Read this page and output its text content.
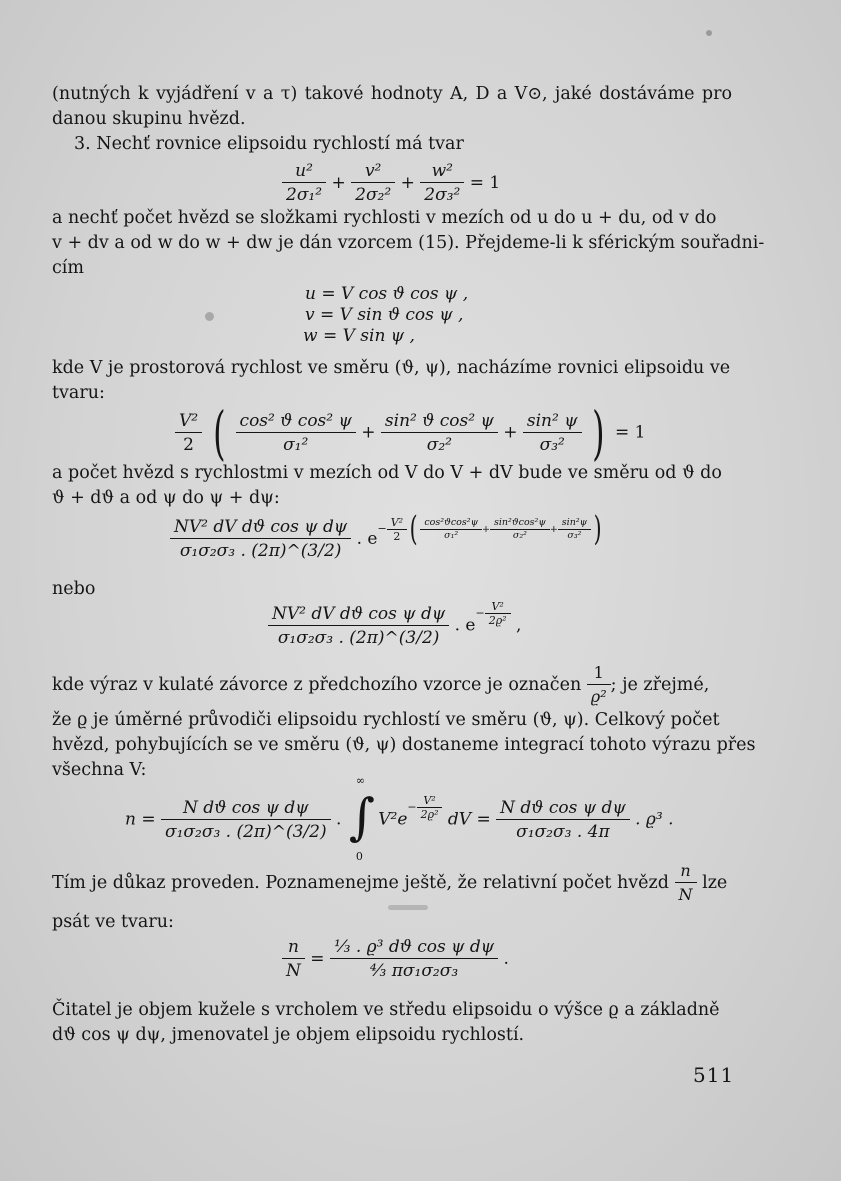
(nutných k vyjádření v a τ) takové hodnoty A, D a V⊙, jaké dostáváme pro danou skupinu hvězd.
3. Nechť rovnice elipsoidu rychlostí má tvar
$\frac{\text{u²}}{\text{2σ₁²}} + \frac{\text{v²}}{\text{2σ₂²}} + \frac{\text{w²}}{\text{2σ₃²}} = 1$
a nechť počet hvězd se složkami rychlosti v mezích od u do u + du, od v do
v + dv a od w do w + dw je dán vzorcem (15). Přejdeme-li k sférickým souřadni-
cím
u = V cos ϑ cos ψ ,
v = V sin ϑ cos ψ ,
w = V sin ψ ,
kde V je prostorová rychlost ve směru (ϑ, ψ), nacházíme rovnici elipsoidu ve
tvaru:
$\frac{\text{V²}}{2}$ ( $\frac{\text{cos² ϑ cos² ψ}}{\text{σ₁²}} + \frac{\text{sin² ϑ cos² ψ}}{\text{σ₂²}} + \frac{\text{sin² ψ}}{\text{σ₃²}}$ ) = 1
a počet hvězd s rychlostmi v mezích od V do V + dV bude ve směru od ϑ do
ϑ + dϑ a od ψ do ψ + dψ:
$\frac{\text{NV² dV dϑ cos ψ dψ}}{\text{σ₁σ₂σ₃ . (2π)\textasciicircum{}(3/2)}}$ . $e- \frac{\text{V²}}{2}$ ( $\frac{\text{cos²ϑcos²ψ}}{\text{σ₁²}} + \frac{\text{sin²ϑcos²ψ}}{\text{σ₂²}} + \frac{\text{sin²ψ}}{\text{σ₃²}}$ )
nebo
$\frac{\text{NV² dV dϑ cos ψ dψ}}{\text{σ₁σ₂σ₃ . (2π)\textasciicircum{}(3/2)}}$ . $e- \frac{\text{V²}}{\text{2ϱ²}}$ ,
kde výraz v kulaté závorce z předchozího vzorce je označen $\frac{1}{\text{ϱ²}}$ ; je zřejmé,
že ϱ je úměrné průvodiči elipsoidu rychlostí ve směru (ϑ, ψ). Celkový počet
hvězd, pohybujících se ve směru (ϑ, ψ) dostaneme integrací tohoto výrazu přes
všechna V:
$n = \frac{\text{N dϑ cos ψ dψ}}{\text{σ₁σ₂σ₃ . (2π)\textasciicircum{}(3/2)}}$ .
∞
∫
0
$V^2e- \frac{\text{V²}}{\text{2ϱ²}}$ dV = $\frac{\text{N dϑ cos ψ dψ}}{\text{σ₁σ₂σ₃ . 4π}}$ . ϱ³ .
Tím je důkaz proveden. Poznamenejme ještě, že relativní počet hvězd $\frac{n}{N}$ lze
psát ve tvaru:
$\frac{n}{N} = \frac{\text{⅓ . ϱ³ dϑ cos ψ dψ}}{\text{⁴⁄₃ πσ₁σ₂σ₃}}$ .
Čitatel je objem kužele s vrcholem ve středu elipsoidu o výšce ϱ a základně
dϑ cos ψ dψ, jmenovatel je objem elipsoidu rychlostí.
511
